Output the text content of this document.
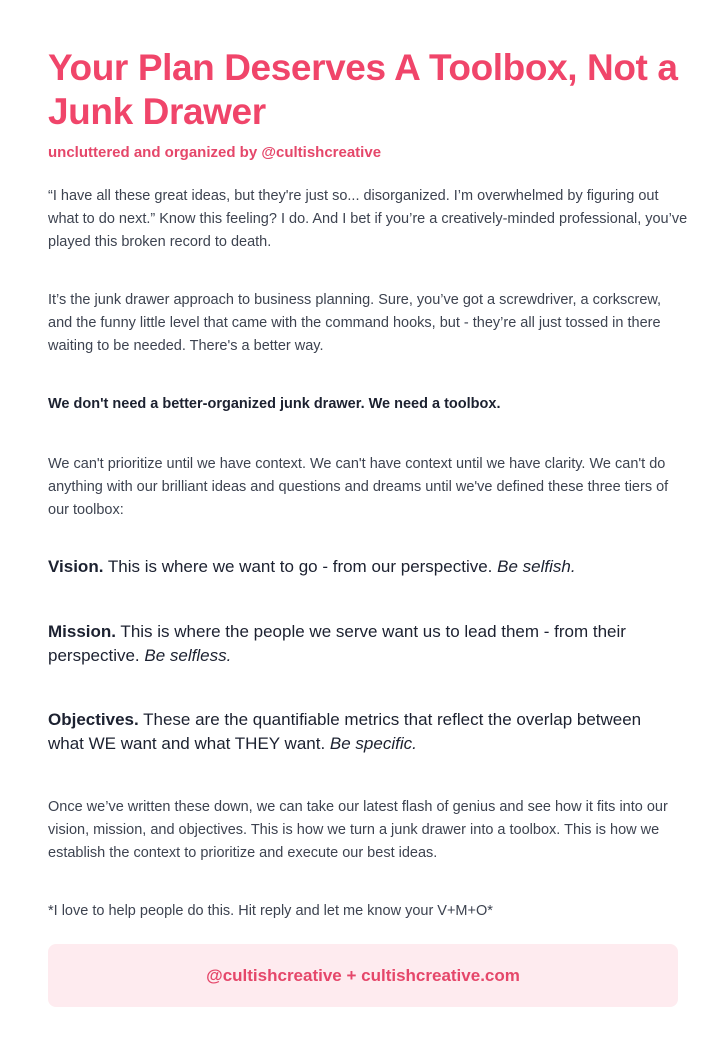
Your Plan Deserves A Toolbox, Not a Junk Drawer

uncluttered and organized by @cultishcreative

“I have all these great ideas, but they're just so... disorganized. I’m overwhelmed by figuring out what to do next.” Know this feeling? I do. And I bet if you’re a creatively-minded professional, you’ve played this broken record to death.

It’s the junk drawer approach to business planning. Sure, you’ve got a screwdriver, a corkscrew, and the funny little level that came with the command hooks, but - they’re all just tossed in there waiting to be needed. There's a better way.

We don't need a better-organized junk drawer. We need a toolbox.

We can't prioritize until we have context. We can't have context until we have clarity. We can't do anything with our brilliant ideas and questions and dreams until we've defined these three tiers of our toolbox:

Vision. This is where we want to go - from our perspective. Be selfish.

Mission. This is where the people we serve want us to lead them - from their perspective. Be selfless.

Objectives. These are the quantifiable metrics that reflect the overlap between what WE want and what THEY want. Be specific.

Once we’ve written these down, we can take our latest flash of genius and see how it fits into our vision, mission, and objectives. This is how we turn a junk drawer into a toolbox. This is how we establish the context to prioritize and execute our best ideas.

*I love to help people do this. Hit reply and let me know your V+M+O*

@cultishcreative + cultishcreative.com
